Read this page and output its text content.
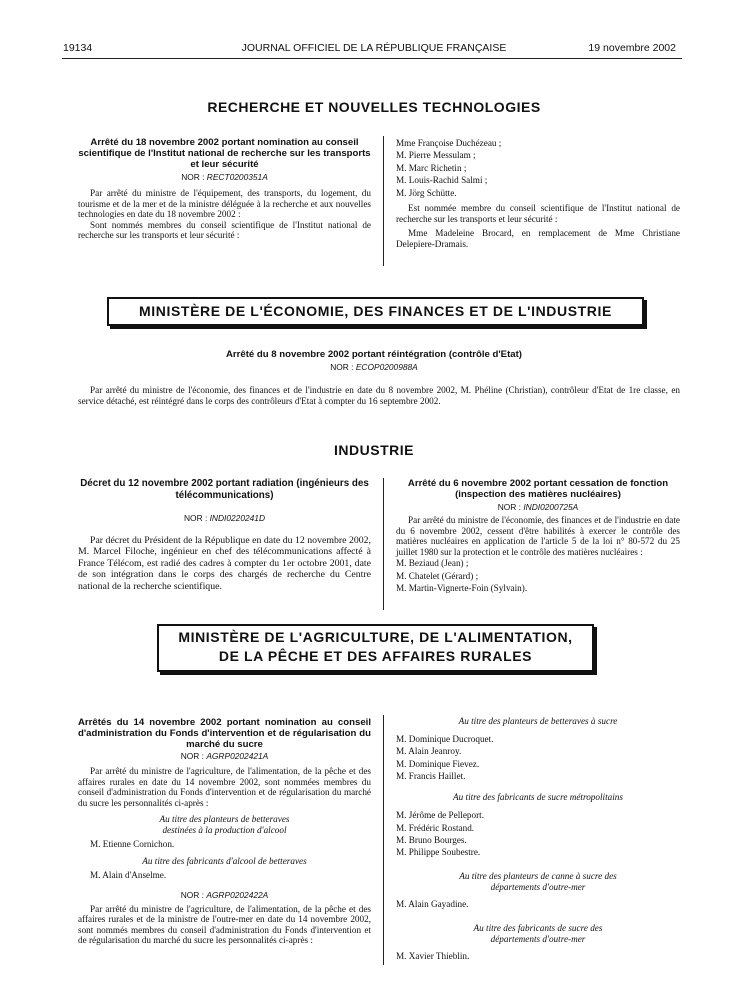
19134	JOURNAL OFFICIEL DE LA RÉPUBLIQUE FRANÇAISE	19 novembre 2002
RECHERCHE ET NOUVELLES TECHNOLOGIES
Arrêté du 18 novembre 2002 portant nomination au conseil scientifique de l'Institut national de recherche sur les transports et leur sécurité
NOR : RECT0200351A

Par arrêté du ministre de l'équipement, des transports, du logement, du tourisme et de la mer et de la ministre déléguée à la recherche et aux nouvelles technologies en date du 18 novembre 2002 :

Sont nommés membres du conseil scientifique de l'Institut national de recherche sur les transports et leur sécurité :

Mme Françoise Duchézeau ;

M. Pierre Messulam ;

M. Marc Richetin ;

M. Louis-Rachid Salmi ;

M. Jörg Schütte.

Est nommée membre du conseil scientifique de l'Institut national de recherche sur les transports et leur sécurité :

Mme Madeleine Brocard, en remplacement de Mme Christiane Delepiere-Dramais.

MINISTÈRE DE L'ÉCONOMIE, DES FINANCES ET DE L'INDUSTRIE
Arrêté du 8 novembre 2002 portant réintégration (contrôle d'Etat)
NOR : ECOP0200988A

Par arrêté du ministre de l'économie, des finances et de l'industrie en date du 8 novembre 2002, M. Phéline (Christian), contrôleur d'Etat de 1re classe, en service détaché, est réintégré dans le corps des contrôleurs d'Etat à compter du 16 septembre 2002.

INDUSTRIE
Décret du 12 novembre 2002 portant radiation (ingénieurs des télécommunications)
NOR : INDI0220241D

Par décret du Président de la République en date du 12 novembre 2002, M. Marcel Filoche, ingénieur en chef des télécommunications affecté à France Télécom, est radié des cadres à compter du 1er octobre 2001, date de son intégration dans le corps des chargés de recherche du Centre national de la recherche scientifique.

Arrêté du 6 novembre 2002 portant cessation de fonction (inspection des matières nucléaires)
NOR : INDI0200725A

Par arrêté du ministre de l'économie, des finances et de l'industrie en date du 6 novembre 2002, cessent d'être habilités à exercer le contrôle des matières nucléaires en application de l'article 5 de la loi n° 80-572 du 25 juillet 1980 sur la protection et le contrôle des matières nucléaires :

M. Beziaud (Jean) ;

M. Chatelet (Gérard) ;

M. Martin-Vignerte-Foin (Sylvain).

MINISTÈRE DE L'AGRICULTURE, DE L'ALIMENTATION,
DE LA PÊCHE ET DES AFFAIRES RURALES
Arrêtés du 14 novembre 2002 portant nomination au conseil d'administration du Fonds d'intervention et de régularisation du marché du sucre
NOR : AGRP0202421A

Par arrêté du ministre de l'agriculture, de l'alimentation, de la pêche et des affaires rurales en date du 14 novembre 2002, sont nommées membres du conseil d'administration du Fonds d'intervention et de régularisation du marché du sucre les personnalités ci-après :

Au titre des planteurs de betteraves destinées à la production d'alcool

M. Etienne Cornichon.

Au titre des fabricants d'alcool de betteraves

M. Alain d'Anselme.

NOR : AGRP0202422A

Par arrêté du ministre de l'agriculture, de l'alimentation, de la pêche et des affaires rurales et de la ministre de l'outre-mer en date du 14 novembre 2002, sont nommés membres du conseil d'administration du Fonds d'intervention et de régularisation du marché du sucre les personnalités ci-après :

Au titre des planteurs de betteraves à sucre

M. Dominique Ducroquet.

M. Alain Jeanroy.

M. Dominique Fievez.

M. Francis Haillet.

Au titre des fabricants de sucre métropolitains

M. Jérôme de Pelleport.

M. Frédéric Rostand.

M. Bruno Bourges.

M. Philippe Soubestre.

Au titre des planteurs de canne à sucre des départements d'outre-mer

M. Alain Gayadine.

Au titre des fabricants de sucre des départements d'outre-mer

M. Xavier Thieblin.
